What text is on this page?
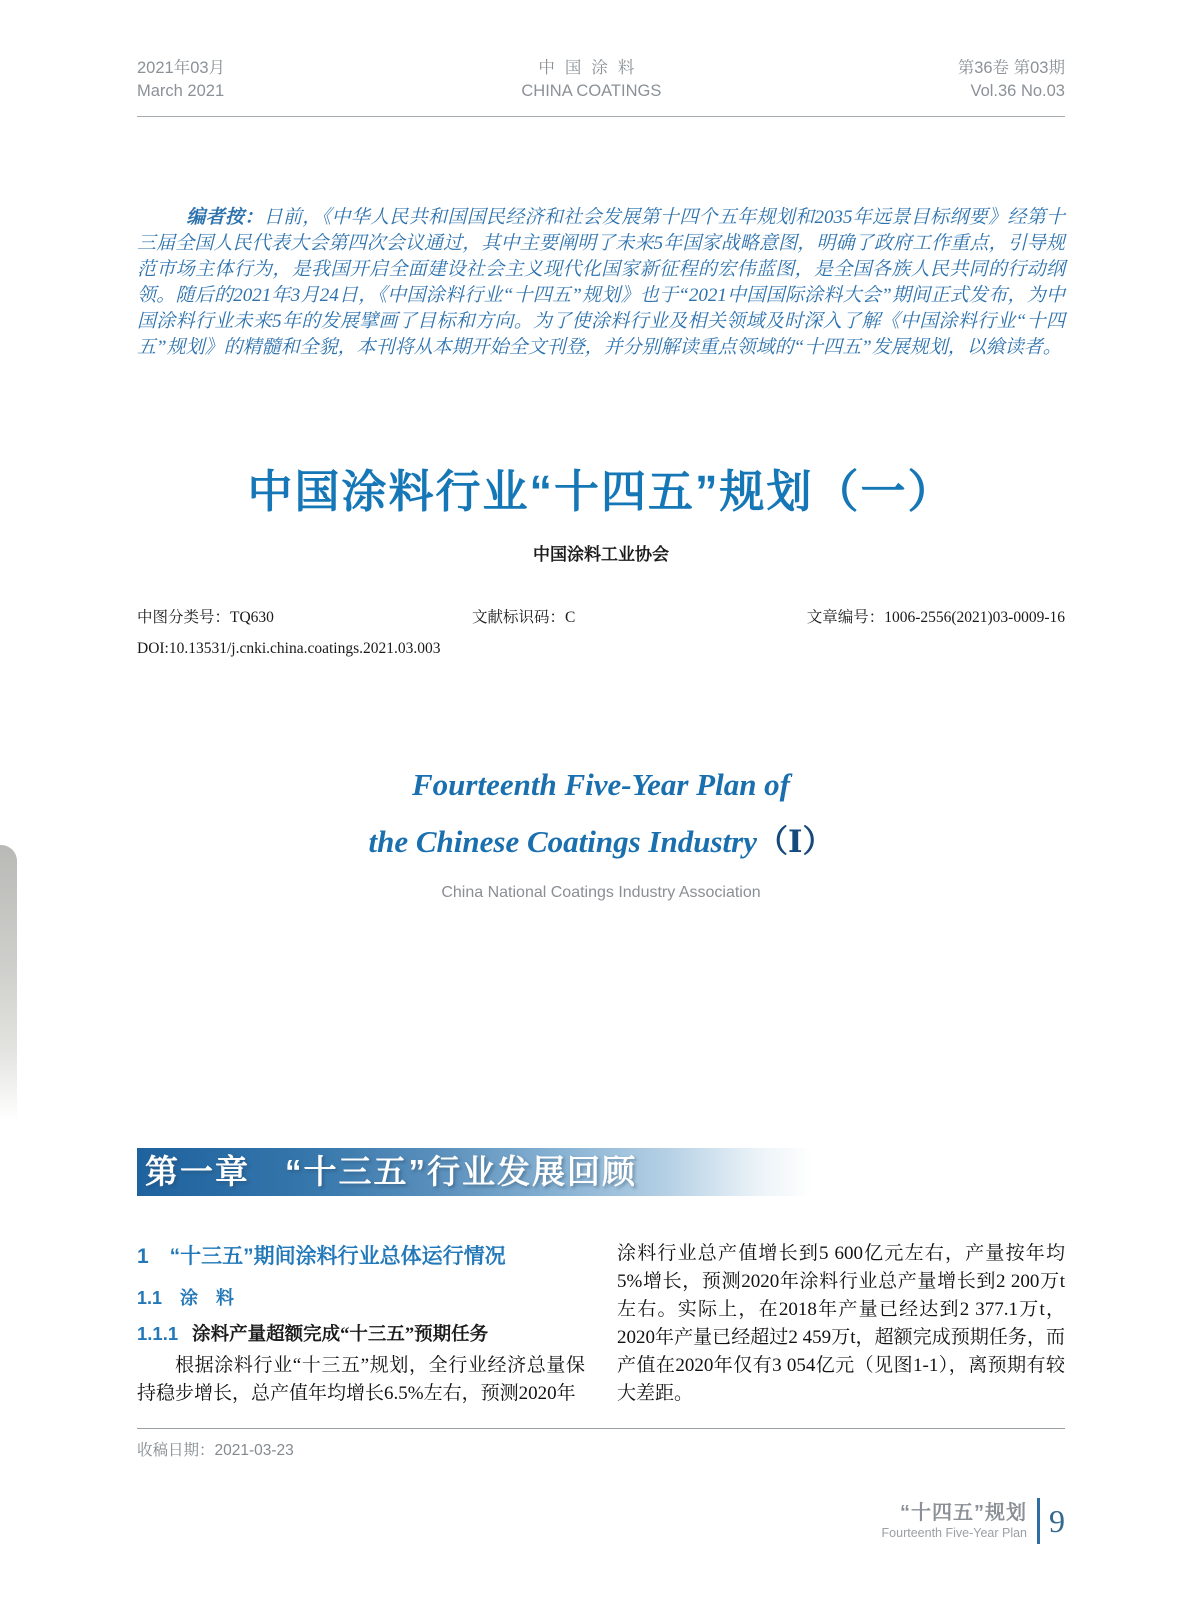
2021年03月
March 2021
中国涂料
CHINA COATINGS
第36卷 第03期
Vol.36 No.03

编者按：日前，《中华人民共和国国民经济和社会发展第十四个五年规划和2035年远景目标纲要》经第十三届全国人民代表大会第四次会议通过，其中主要阐明了未来5年国家战略意图，明确了政府工作重点，引导规范市场主体行为，是我国开启全面建设社会主义现代化国家新征程的宏伟蓝图，是全国各族人民共同的行动纲领。随后的2021年3月24日，《中国涂料行业“十四五”规划》也于“2021中国国际涂料大会”期间正式发布，为中国涂料行业未来5年的发展擘画了目标和方向。为了使涂料行业及相关领域及时深入了解《中国涂料行业“十四五”规划》的精髓和全貌，本刊将从本期开始全文刊登，并分别解读重点领域的“十四五”发展规划，以飨读者。

中国涂料行业“十四五”规划（一）
中国涂料工业协会
中图分类号：TQ630	文献标识码：C	文章编号：1006-2556(2021)03-0009-16
DOI:10.13531/j.cnki.china.coatings.2021.03.003
Fourteenth Five-Year Plan of
the Chinese Coatings Industry（Ⅰ）
China National Coatings Industry Association
第一章　“十三五”行业发展回顾
1　“十三五”期间涂料行业总体运行情况
1.1　涂　料
1.1.1 涂料产量超额完成“十三五”预期任务

根据涂料行业“十三五”规划，全行业经济总量保持稳步增长，总产值年均增长6.5%左右，预测2020年

涂料行业总产值增长到5 600亿元左右，产量按年均5%增长，预测2020年涂料行业总产量增长到2 200万t左右。实际上，在2018年产量已经达到2 377.1万t，2020年产量已经超过2 459万t，超额完成预期任务，而产值在2020年仅有3 054亿元（见图1-1），离预期有较大差距。

收稿日期：2021-03-23
“十四五”规划
Fourteenth Five-Year Plan 9
